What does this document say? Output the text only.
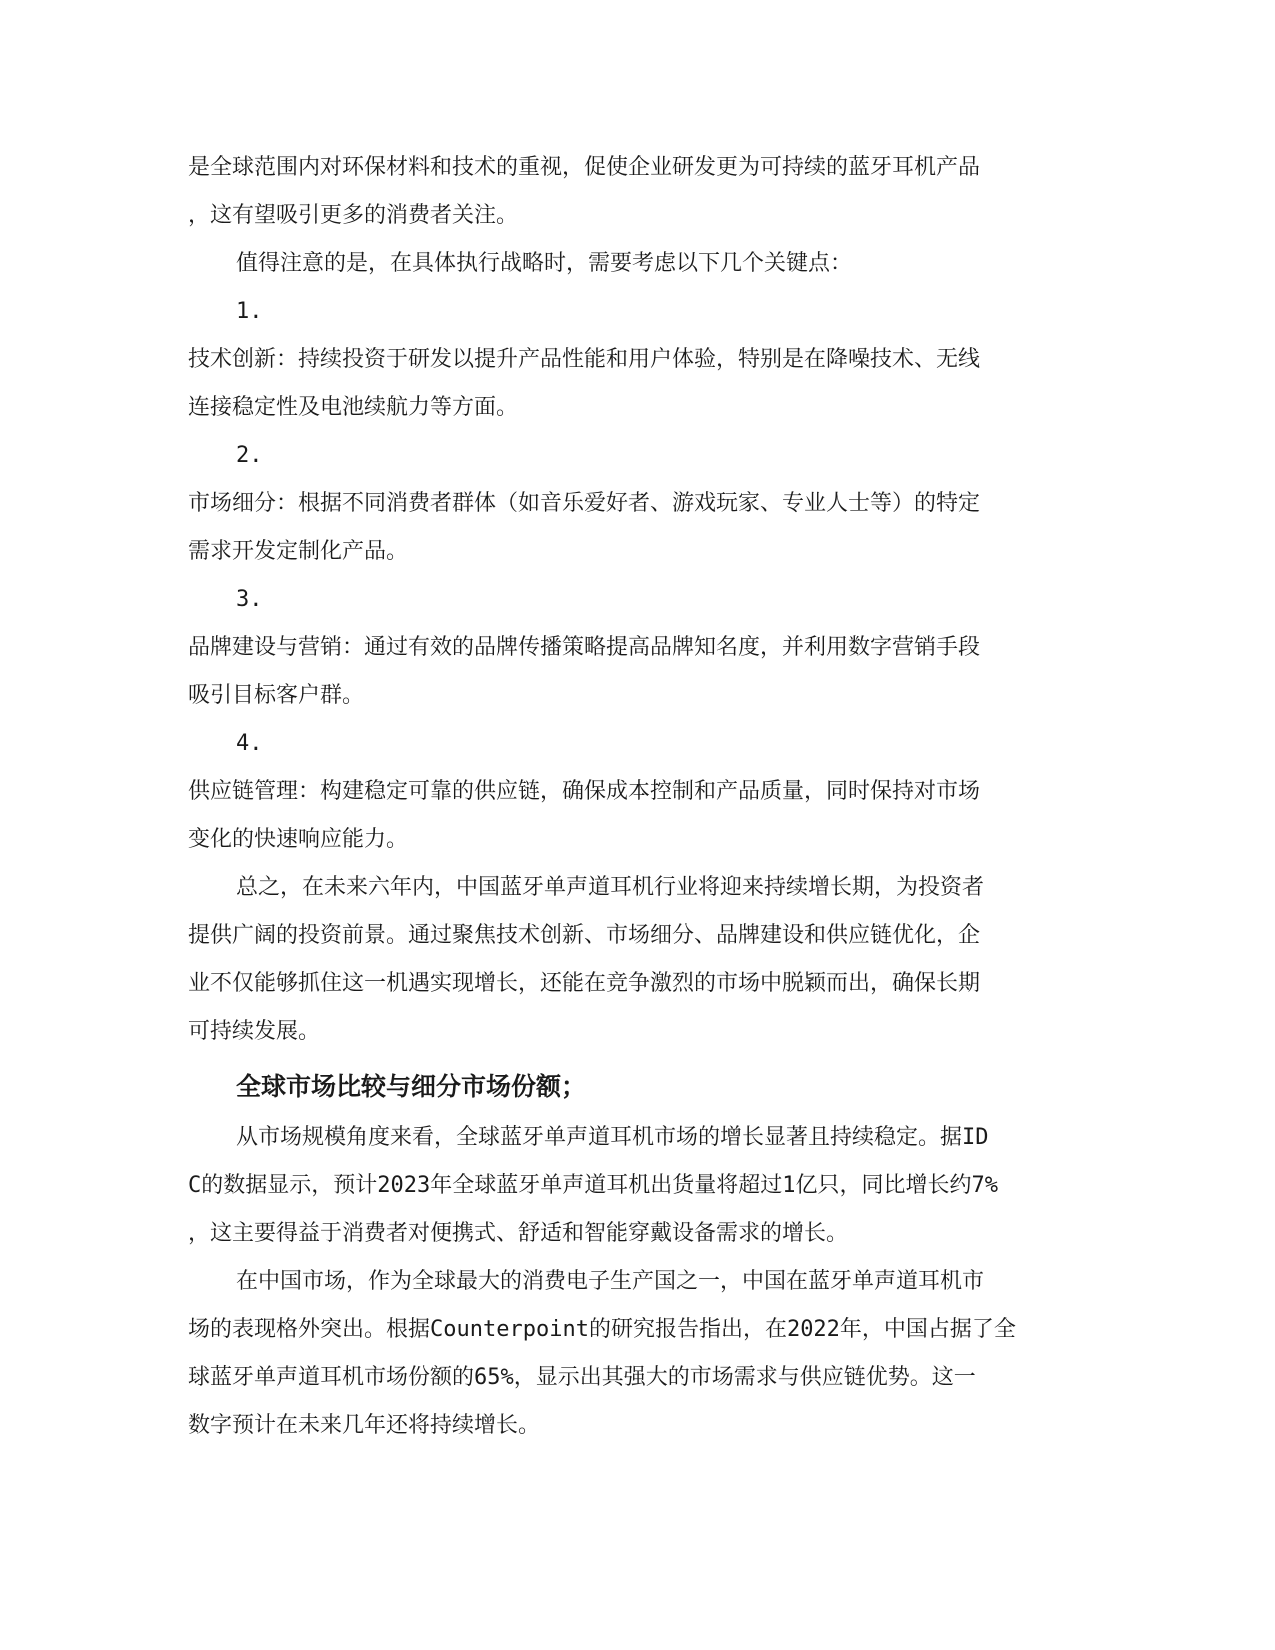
是全球范围内对环保材料和技术的重视，促使企业研发更为可持续的蓝牙耳机产品
，这有望吸引更多的消费者关注。
值得注意的是，在具体执行战略时，需要考虑以下几个关键点：
1.
技术创新：持续投资于研发以提升产品性能和用户体验，特别是在降噪技术、无线
连接稳定性及电池续航力等方面。
2.
市场细分：根据不同消费者群体（如音乐爱好者、游戏玩家、专业人士等）的特定
需求开发定制化产品。
3.
品牌建设与营销：通过有效的品牌传播策略提高品牌知名度，并利用数字营销手段
吸引目标客户群。
4.
供应链管理：构建稳定可靠的供应链，确保成本控制和产品质量，同时保持对市场
变化的快速响应能力。
总之，在未来六年内，中国蓝牙单声道耳机行业将迎来持续增长期，为投资者
提供广阔的投资前景。通过聚焦技术创新、市场细分、品牌建设和供应链优化，企
业不仅能够抓住这一机遇实现增长，还能在竞争激烈的市场中脱颖而出，确保长期
可持续发展。
全球市场比较与细分市场份额；
从市场规模角度来看，全球蓝牙单声道耳机市场的增长显著且持续稳定。据ID
C的数据显示，预计2023年全球蓝牙单声道耳机出货量将超过1亿只，同比增长约7%
，这主要得益于消费者对便携式、舒适和智能穿戴设备需求的增长。
在中国市场，作为全球最大的消费电子生产国之一，中国在蓝牙单声道耳机市
场的表现格外突出。根据Counterpoint的研究报告指出，在2022年，中国占据了全
球蓝牙单声道耳机市场份额的65%，显示出其强大的市场需求与供应链优势。这一
数字预计在未来几年还将持续增长。
